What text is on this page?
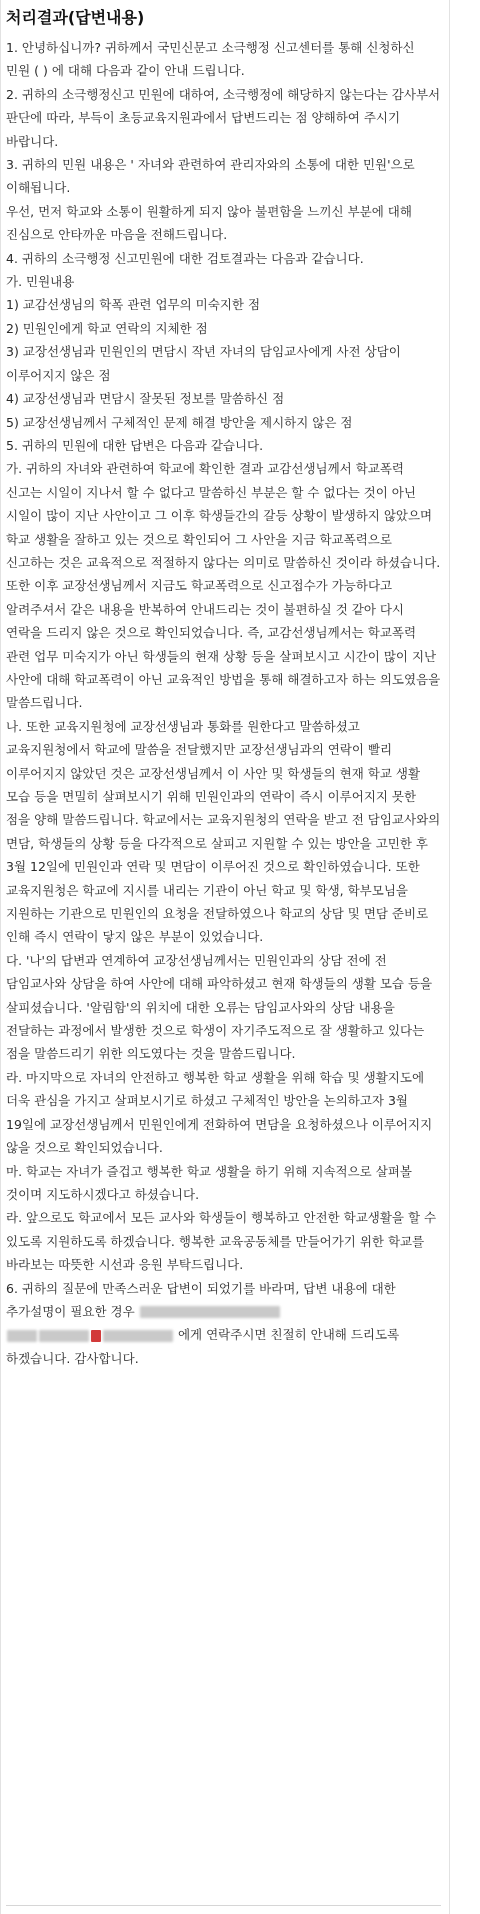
처리결과(답변내용)

1. 안녕하십니까? 귀하께서 국민신문고 소극행정 신고센터를 통해 신청하신 민원 ( ) 에 대해 다음과 같이 안내 드립니다.

2. 귀하의 소극행정신고 민원에 대하여, 소극행정에 해당하지 않는다는 감사부서 판단에 따라, 부득이 초등교육지원과에서 답변드리는 점 양해하여 주시기 바랍니다.

3. 귀하의 민원 내용은 ' 자녀와 관련하여 관리자와의 소통에 대한 민원'으로 이해됩니다.

우선, 먼저 학교와 소통이 원활하게 되지 않아 불편함을 느끼신 부분에 대해 진심으로 안타까운 마음을 전해드립니다.

4. 귀하의 소극행정 신고민원에 대한 검토결과는 다음과 같습니다.

가. 민원내용

1) 교감선생님의 학폭 관련 업무의 미숙지한 점

2) 민원인에게 학교 연락의 지체한 점

3) 교장선생님과 민원인의 면담시 작년 자녀의 담임교사에게 사전 상담이 이루어지지 않은 점

4) 교장선생님과 면담시 잘못된 정보를 말씀하신 점

5) 교장선생님께서 구체적인 문제 해결 방안을 제시하지 않은 점

5. 귀하의 민원에 대한 답변은 다음과 같습니다.

가. 귀하의 자녀와 관련하여 학교에 확인한 결과 교감선생님께서 학교폭력 신고는 시일이 지나서 할 수 없다고 말씀하신 부분은 할 수 없다는 것이 아닌 시일이 많이 지난 사안이고 그 이후 학생들간의 갈등 상황이 발생하지 않았으며 학교 생활을 잘하고 있는 것으로 확인되어 그 사안을 지금 학교폭력으로 신고하는 것은 교육적으로 적절하지 않다는 의미로 말씀하신 것이라 하셨습니다. 또한 이후 교장선생님께서 지금도 학교폭력으로 신고접수가 가능하다고 알려주셔서 같은 내용을 반복하여 안내드리는 것이 불편하실 것 같아 다시 연락을 드리지 않은 것으로 확인되었습니다. 즉, 교감선생님께서는 학교폭력 관련 업무 미숙지가 아닌 학생들의 현재 상황 등을 살펴보시고 시간이 많이 지난 사안에 대해 학교폭력이 아닌 교육적인 방법을 통해 해결하고자 하는 의도였음을 말씀드립니다.

나. 또한 교육지원청에 교장선생님과 통화를 원한다고 말씀하셨고 교육지원청에서 학교에 말씀을 전달했지만 교장선생님과의 연락이 빨리 이루어지지 않았던 것은 교장선생님께서 이 사안 및 학생들의 현재 학교 생활 모습 등을 면밀히 살펴보시기 위해 민원인과의 연락이 즉시 이루어지지 못한 점을 양해 말씀드립니다. 학교에서는 교육지원청의 연락을 받고 전 담임교사와의 면담, 학생들의 상황 등을 다각적으로 살피고 지원할 수 있는 방안을 고민한 후 3월 12일에 민원인과 연락 및 면담이 이루어진 것으로 확인하였습니다. 또한 교육지원청은 학교에 지시를 내리는 기관이 아닌 학교 및 학생, 학부모님을 지원하는 기관으로 민원인의 요청을 전달하였으나 학교의 상담 및 면담 준비로 인해 즉시 연락이 닿지 않은 부분이 있었습니다.

다. '나'의 답변과 연계하여 교장선생님께서는 민원인과의 상담 전에 전 담임교사와 상담을 하여 사안에 대해 파악하셨고 현재 학생들의 생활 모습 등을 살피셨습니다. '알림함'의 위치에 대한 오류는 담임교사와의 상담 내용을 전달하는 과정에서 발생한 것으로 학생이 자기주도적으로 잘 생활하고 있다는 점을 말씀드리기 위한 의도였다는 것을 말씀드립니다.

라. 마지막으로 자녀의 안전하고 행복한 학교 생활을 위해 학습 및 생활지도에 더욱 관심을 가지고 살펴보시기로 하셨고 구체적인 방안을 논의하고자 3월 19일에 교장선생님께서 민원인에게 전화하여 면담을 요청하셨으나 이루어지지 않을 것으로 확인되었습니다.

마. 학교는 자녀가 즐겁고 행복한 학교 생활을 하기 위해 지속적으로 살펴볼 것이며 지도하시겠다고 하셨습니다.

라. 앞으로도 학교에서 모든 교사와 학생들이 행복하고 안전한 학교생활을 할 수 있도록 지원하도록 하겠습니다. 행복한 교육공동체를 만들어가기 위한 학교를 바라보는 따뜻한 시선과 응원 부탁드립니다.

6. 귀하의 질문에 만족스러운 답변이 되었기를 바라며, 답변 내용에 대한 추가설명이 필요한 경우

에게 연락주시면 친절히 안내해 드리도록 하겠습니다. 감사합니다.
